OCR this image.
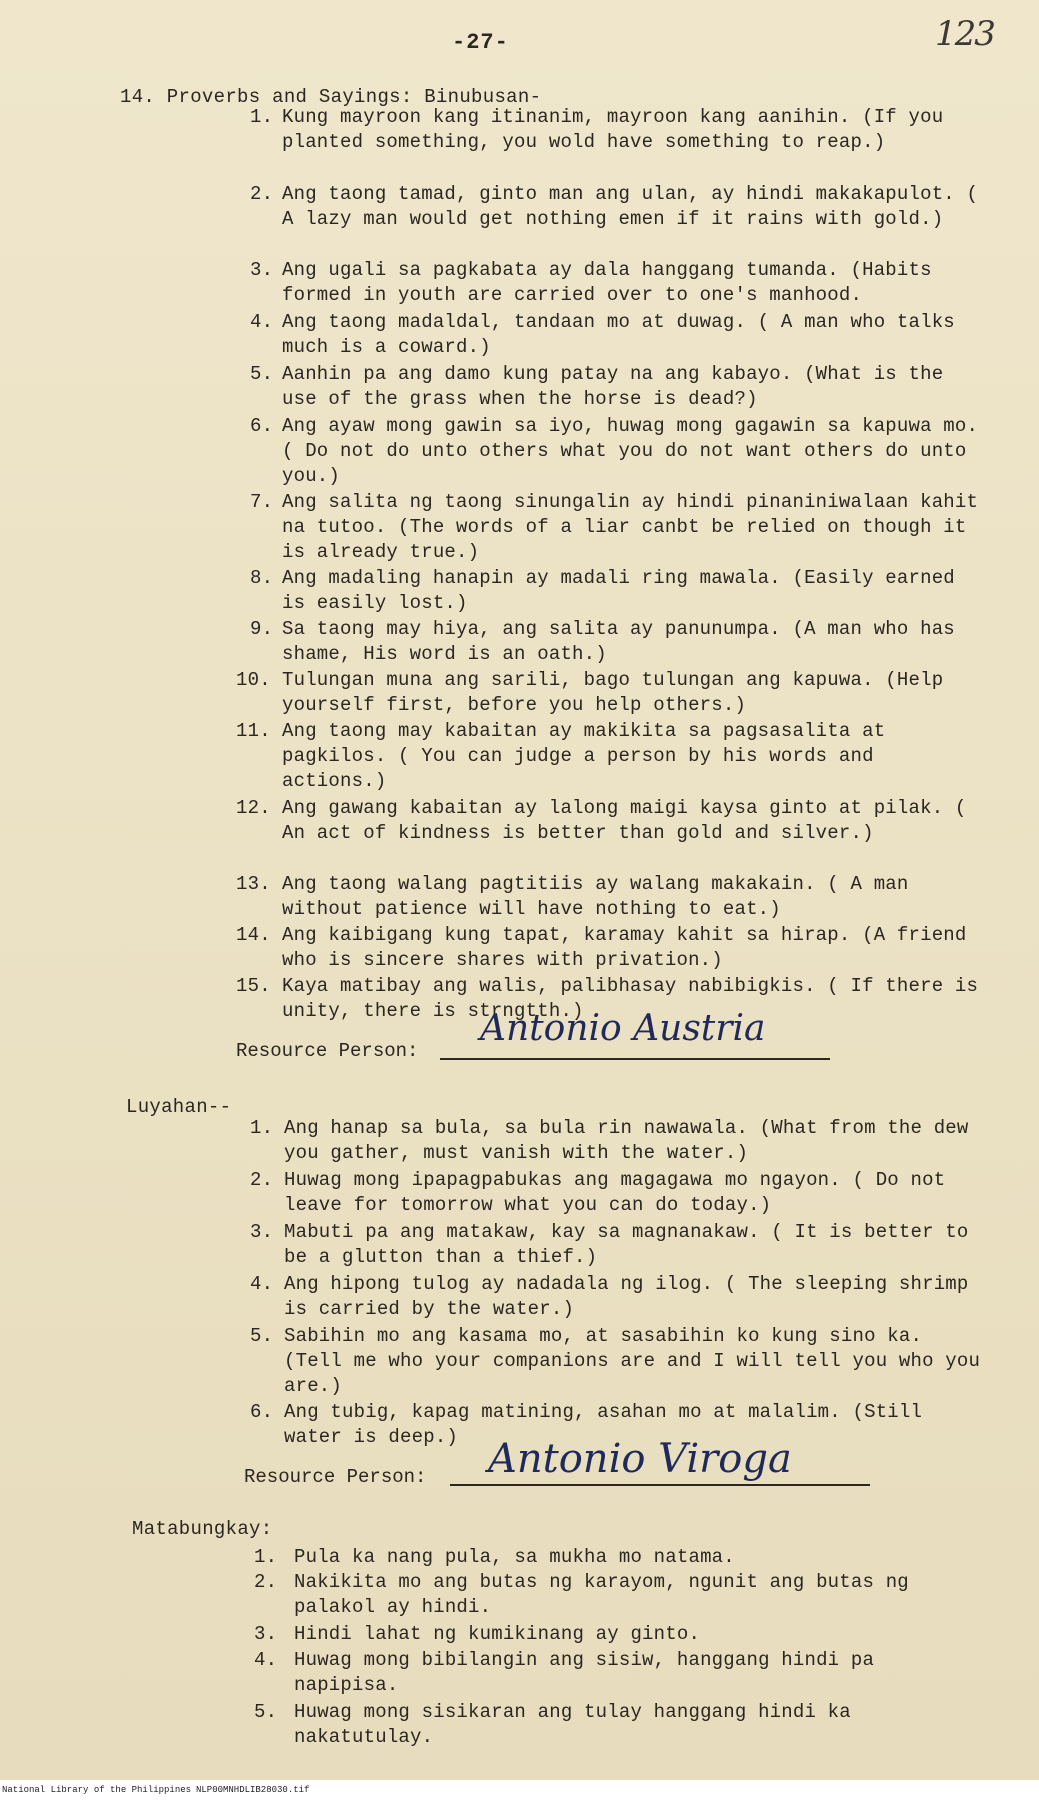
-27-	123
14. Proverbs and Sayings: Binubusan-
1. Kung mayroon kang itinanim, mayroon kang aanihin. (If you planted something, you wold have something to reap.)
2. Ang taong tamad, ginto man ang ulan, ay hindi makakapulot. ( A lazy man would get nothing emen if it rains with gold.)
3. Ang ugali sa pagkabata ay dala hanggang tumanda. (Habits formed in youth are carried over to one's manhood.
4. Ang taong madaldal, tandaan mo at duwag. ( A man who talks much is a coward.)
5. Aanhin pa ang damo kung patay na ang kabayo. (What is the use of the grass when the horse is dead?)
6. Ang ayaw mong gawin sa iyo, huwag mong gagawin sa kapuwa mo. ( Do not do unto others what you do not want others do unto you.)
7. Ang salita ng taong sinungalin ay hindi pinaniniwalaan kahit na tutoo. (The words of a liar canbt be relied on though it is already true.)
8. Ang madaling hanapin ay madali ring mawala. (Easily earned is easily lost.)
9. Sa taong may hiya, ang salita ay panunumpa. (A man who has shame, His word is an oath.)
10. Tulungan muna ang sarili, bago tulungan ang kapuwa. (Help yourself first, before you help others.)
11. Ang taong may kabaitan ay makikita sa pagsasalita at pagkilos. ( You can judge a person by his words and actions.)
12. Ang gawang kabaitan ay lalong maigi kaysa ginto at pilak. ( An act of kindness is better than gold and silver.)
13. Ang taong walang pagtitiis ay walang makakain. ( A man without patience will have nothing to eat.)
14. Ang kaibigang kung tapat, karamay kahit sa hirap. (A friend who is sincere shares with privation.)
15. Kaya matibay ang walis, palibhasay nabibigkis. ( If there is unity, there is strngtth.)
Resource Person:
Antonio Austria
Luyahan--
1. Ang hanap sa bula, sa bula rin nawawala. (What from the dew you gather, must vanish with the water.)
2. Huwag mong ipapagpabukas ang magagawa mo ngayon. ( Do not leave for tomorrow what you can do today.)
3. Mabuti pa ang matakaw, kay sa magnanakaw. ( It is better to be a glutton than a thief.)
4. Ang hipong tulog ay nadadala ng ilog. ( The sleeping shrimp is carried by the water.)
5. Sabihin mo ang kasama mo, at sasabihin ko kung sino ka. (Tell me who your companions are and I will tell you who you are.)
6. Ang tubig, kapag matining, asahan mo at malalim. (Still water is deep.)
Resource Person: Antonio Viroga
Matabungkay:
1. Pula ka nang pula, sa mukha mo natama.
2. Nakikita mo ang butas ng karayom, ngunit ang butas ng palakol ay hindi.
3. Hindi lahat ng kumikinang ay ginto.
4. Huwag mong bibilangin ang sisiw, hanggang hindi pa napipisa.
5. Huwag mong sisikaran ang tulay hanggang hindi ka nakatutulay.
National Library of the Philippines NLP00MNHDLIB28030.tif
